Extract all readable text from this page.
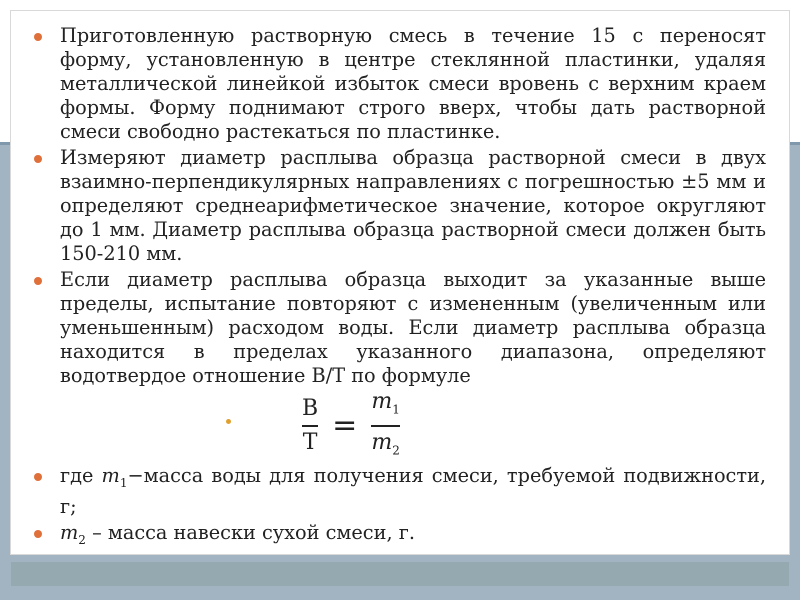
Приготовленную растворную смесь в течение 15 с переносят форму, установленную в центре стеклянной пластинки, удаляя металлической линейкой избыток смеси вровень с верхним краем формы. Форму поднимают строго вверх, чтобы дать растворной смеси свободно растекаться по пластинке.
Измеряют диаметр расплыва образца растворной смеси в двух взаимно-перпендикулярных направлениях с погрешностью ±5 мм и определяют среднеарифметическое значение, которое округляют до 1 мм. Диаметр расплыва образца растворной смеси должен быть 150-210 мм.
Если диаметр расплыва образца выходит за указанные выше пределы, испытание повторяют с измененным (увеличенным или уменьшенным) расходом воды. Если диаметр расплыва образца находится в пределах указанного диапазона, определяют водотвердое отношение В/Т по формуле
$\frac{В}{Т} = \frac{m_1}{m_2}$
где $m_1-масса$ воды для получения смеси, требуемой подвижности, г;
$m_2$ – масса навески сухой смеси, г.
